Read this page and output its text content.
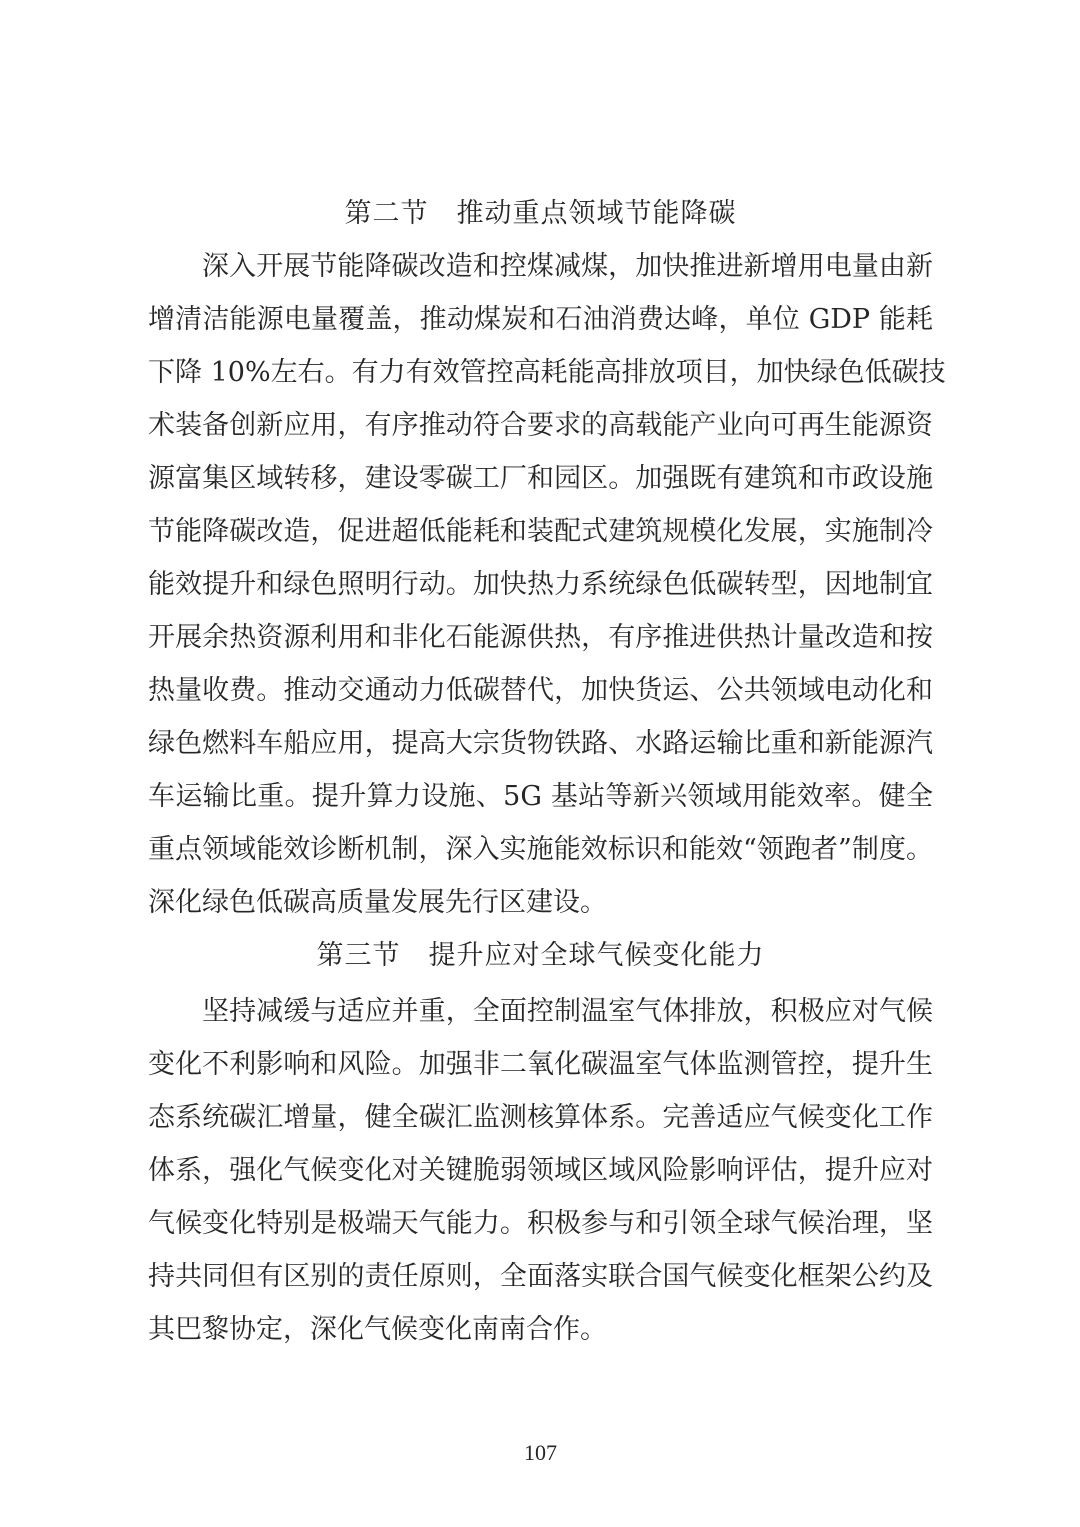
第二节　推动重点领域节能降碳
深入开展节能降碳改造和控煤减煤，加快推进新增用电量由新
增清洁能源电量覆盖，推动煤炭和石油消费达峰，单位 GDP 能耗
下降 10%左右。有力有效管控高耗能高排放项目，加快绿色低碳技
术装备创新应用，有序推动符合要求的高载能产业向可再生能源资
源富集区域转移，建设零碳工厂和园区。加强既有建筑和市政设施
节能降碳改造，促进超低能耗和装配式建筑规模化发展，实施制冷
能效提升和绿色照明行动。加快热力系统绿色低碳转型，因地制宜
开展余热资源利用和非化石能源供热，有序推进供热计量改造和按
热量收费。推动交通动力低碳替代，加快货运、公共领域电动化和
绿色燃料车船应用，提高大宗货物铁路、水路运输比重和新能源汽
车运输比重。提升算力设施、5G 基站等新兴领域用能效率。健全
重点领域能效诊断机制，深入实施能效标识和能效“领跑者”制度。
深化绿色低碳高质量发展先行区建设。
第三节　提升应对全球气候变化能力
坚持减缓与适应并重，全面控制温室气体排放，积极应对气候
变化不利影响和风险。加强非二氧化碳温室气体监测管控，提升生
态系统碳汇增量，健全碳汇监测核算体系。完善适应气候变化工作
体系，强化气候变化对关键脆弱领域区域风险影响评估，提升应对
气候变化特别是极端天气能力。积极参与和引领全球气候治理，坚
持共同但有区别的责任原则，全面落实联合国气候变化框架公约及
其巴黎协定，深化气候变化南南合作。
107
